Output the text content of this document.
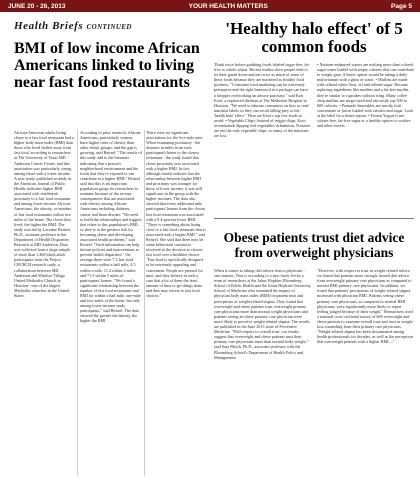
JUNE 20 - 26, 2013	YOUR HEALTH MATTERS	Page 5
Health Briefs CONTINUED
BMI of low income African Americans linked to living near fast food restaurants
African-American adults living closer to a fast food restaurant had a higher body mass index (BMI) than those who lived farther away from fast food, according to researchers at The University of Texas MD Anderson Cancer Center, and this association was particularly strong among those with a lower income. A new study, published recently in the American Journal of Public Health, indicates higher BMI associated with residential proximity to a fast food restaurant and among lower-income African-Americans, the obesity, or number, of fast food restaurants within two miles of the home. The closer they lived, the higher the BMI. The study was led by Lorraine Reitzel, Ph.D., assistant professor in the Department of Health Disparities Research at MD Anderson. Data was collected from a large sample of more than 1,400 black adult participants from the Project CHURCH research study, a collaboration between MD Anderson and Windsor Village United Methodist Church in Houston - one of the largest Methodist churches in the United States.
According to prior research, African-Americans, particularly women, have higher rates of obesity than other ethnic groups, and the gap is growing, said Reitzel. "The results of this study add to the literature indicating that a person's neighborhood environment and the foods that they're exposed to can contribute to a higher BMI." Reitzel said that this is an important population group for researchers to examine because of the serious consequences that are associated with obesity among African-Americans including diabetes, cancer and heart disease. "We need to build the relationships and triggers that relate to this population's BMI, so they're at the greatest risk for becoming obese and developing associated health problems," said Reitzel. "Such information can help inform policies and interventions to prevent health disparities." On average there were 7.3 fast food restaurants within a half mile, 4.5 within a mile, 11.4 within 2 miles and 71.3 within 5 miles of participants' homes. "We found a significant relationship between the number of fast food restaurants and BMI for within a half mile, one-mile and two-miles of the home, but only among lower-income study participants," said Reitzel. The data showed the greater the density, the higher the BMI.
There were no significant associations for the five-mile area. When examining proximity - the distance in miles from each participant's home to the closest restaurant - the study found that closer proximity was associated with a higher BMI. In fact, although results indicate that the relationship between higher BMI and proximity was stronger for those of lower income, it was still significant in the group with the higher incomes. The data also showed that every additional mile participants' homes from the closest fast food restaurant was associated with a 0.4-percent lower BMI. "There is something about living close to a fast food restaurant that is associated with a higher BMI," said Reitzel. She said that there may be some behavioral constructs involved in the decision to choose fast food over a healthier choice. "Fast food is specifically designed to be extremely appealing and convenient. People are pressed for time, and they believe in such a case that a lot of them the least amount of time to get things done, and thus may retreat to fast food choices."
'Healthy halo effect' of 5 common foods
Think twice before grabbing foods labeled sugar-free, fat-free or whole-wheat. Recent studies show people tend to let their guard down and eat twice as much of some of these foods because they are marketed as healthy food products. "Consumer food marketing can be extremely persuasive and the right buzzword in a package can have a shopper overlooking an unwise purchase," said Kari Kooi, a registered dietitian at The Methodist Hospital in Houston. "We need to educate consumers on how to read nutrition labels so they can avoid falling prey to the 'health halo' effect." Here are Kooi's top five foods to avoid: • Vegetable Chips: Instead of veggie chips, Kooi recommends dipping real vegetables in hummus. Potatoes are not the only vegetable chips, so many of the nutrients are lost.
• Nutrient-enhanced waters are nothing more than colored sugar water loaded with empty calories that can contribute to weight gain. A better option would be taking a daily multivitamin with a glass of water. • Muffins are made with refined white flour, oil and refined sugar. Because replacing ingredients like muffins and a fat-free muffin, they're similar to cupcakes without icing. Many coffee shop muffins are mega-sized and can easily top 500 to 600 calories. • Premade Smoothies are mostly fruit concentrate or juices loaded with calories and sugar. Look at the label for a better option. • Frozen Yogurt is not calorie-free, fat-free sugar or a healthy option to cookies and other sweets.
Obese patients trust diet advice from overweight physicians
When it comes to taking diet advice from a physician - size matters. That is according to a new study led by a team of researchers at the Johns Hopkins Bloomberg School of Public Health and the Johns Hopkins University School of Medicine who examined the impact of physician body mass index (BMI) on patient trust and perceptions of weight-related stigma. They found that overweight and obese patients trust overweight primary care physicians more than normal weight physicians and patients seeing an obese primary care physician were more likely to perceive weight-related stigma. The results are published in the June 2013 issue of Preventive Medicine. "With respect to overall trust, our results suggest that overweight and obese patients trust their primary care physicians more than normal body weight," said Sara Bleich, Ph.D., associate professor with the Bloomberg School's Department of Health Policy and Management.
"However, with respect to trust in weight-related advice, we found that patients more strongly trusted diet advice from overweight primary care physicians as compared to normal BMI primary care physicians. In addition, we found that patients' perceptions of weight-related stigma increased with physician BMI. Patients seeing obese primary care physicians, as compared to normal BMI physicians, were significantly more likely to report feeling judged because of their weight." Researchers used a national cross-sectional survey of 600 overweight and obese patients to examine overall trust and trust in weight-loss counseling from their primary care physicians. "Weight-related stigma has been documented among health professionals for decades, as well as the perception that overweight patients with a higher BMI ..."
